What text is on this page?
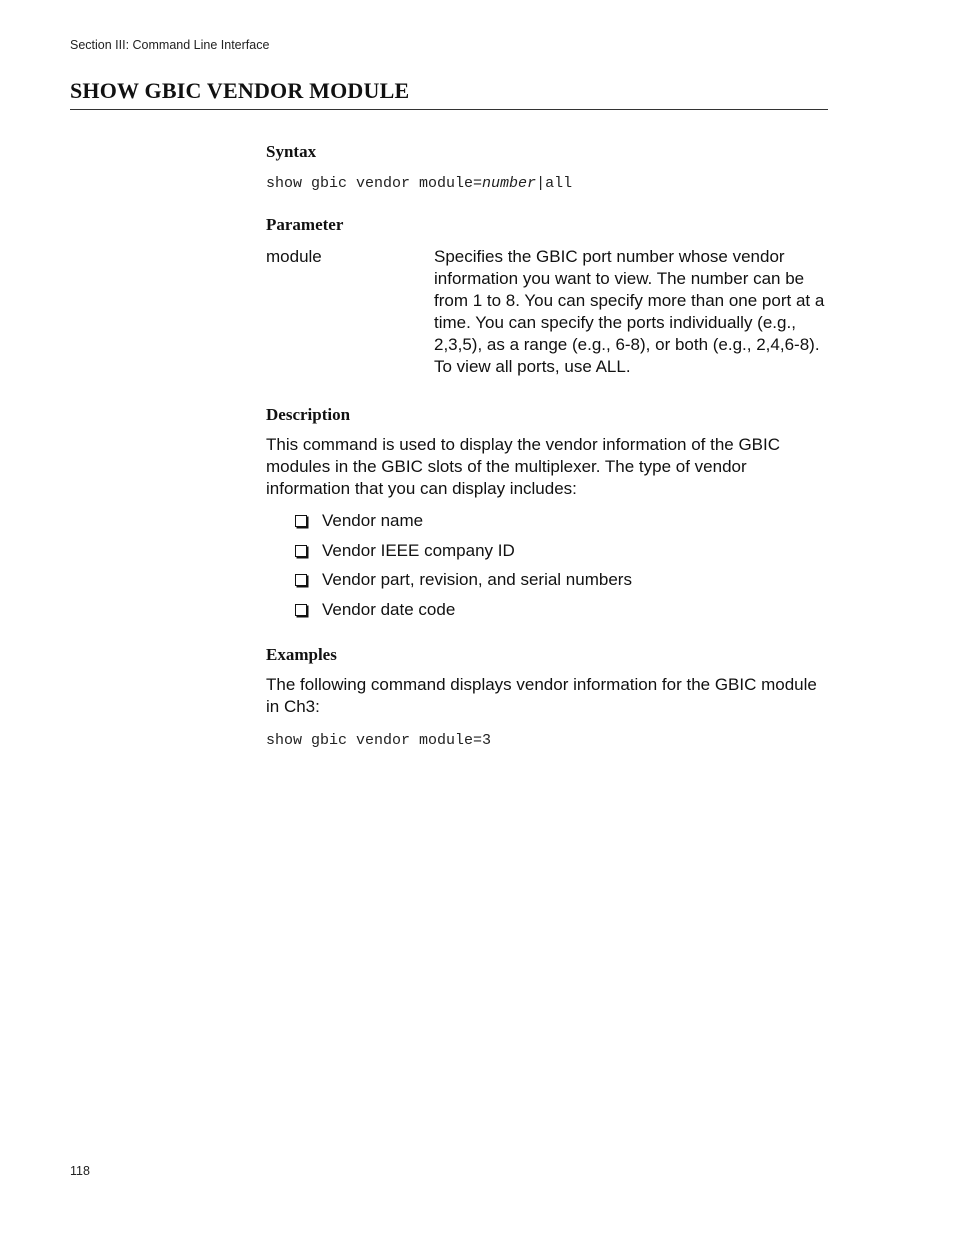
Section III: Command Line Interface
SHOW GBIC VENDOR MODULE
Syntax
show gbic vendor module=number|all
Parameter
module	Specifies the GBIC port number whose vendor information you want to view. The number can be from 1 to 8. You can specify more than one port at a time. You can specify the ports individually (e.g., 2,3,5), as a range (e.g., 6-8), or both (e.g., 2,4,6-8). To view all ports, use ALL.
Description

This command is used to display the vendor information of the GBIC modules in the GBIC slots of the multiplexer. The type of vendor information that you can display includes:

Vendor name
Vendor IEEE company ID
Vendor part, revision, and serial numbers
Vendor date code
Examples

The following command displays vendor information for the GBIC module in Ch3:

show gbic vendor module=3
118
